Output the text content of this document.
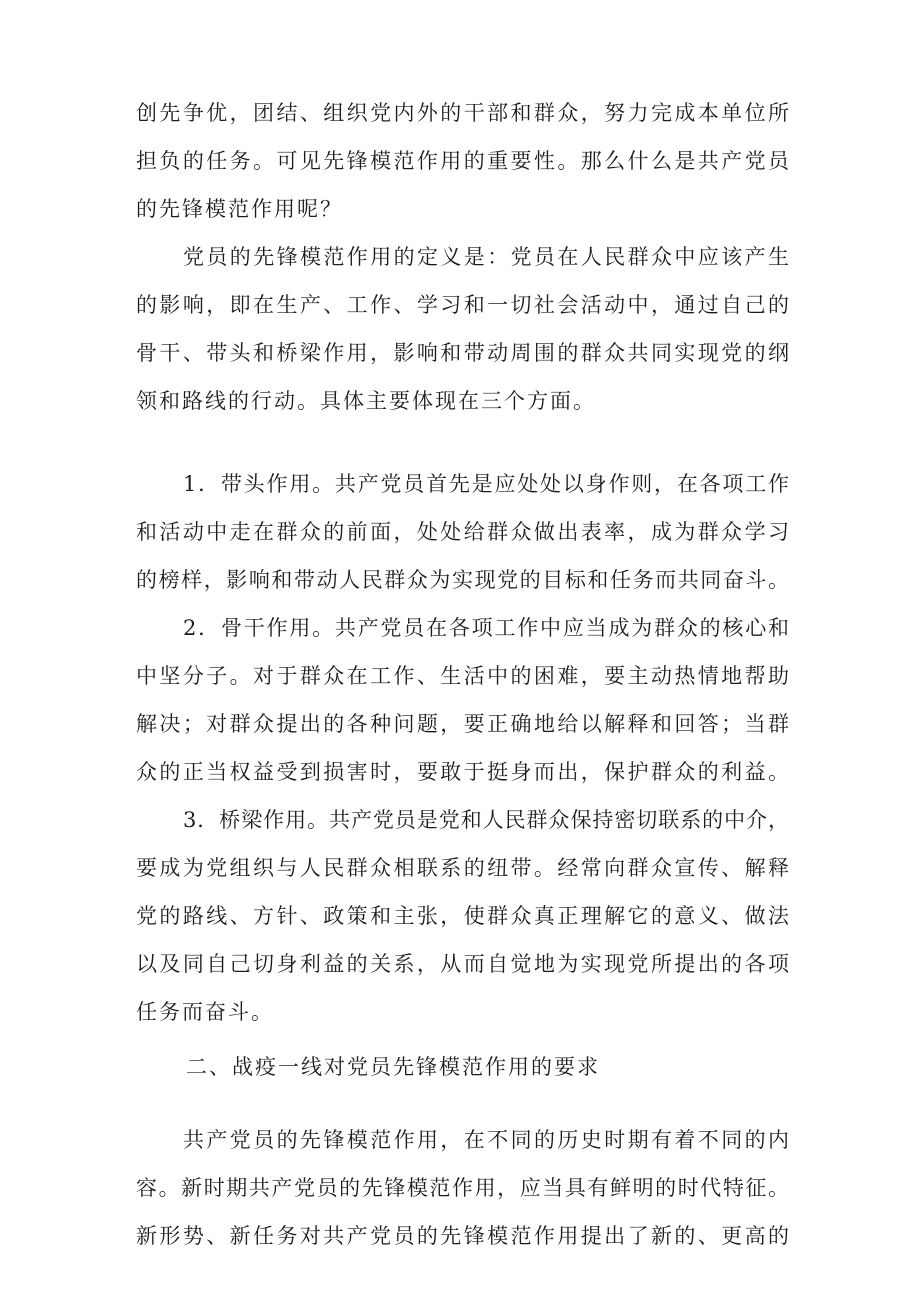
创先争优，团结、组织党内外的干部和群众，努力完成本单位所
担负的任务。可见先锋模范作用的重要性。那么什么是共产党员
的先锋模范作用呢？
党员的先锋模范作用的定义是：党员在人民群众中应该产生
的影响，即在生产、工作、学习和一切社会活动中，通过自己的
骨干、带头和桥梁作用，影响和带动周围的群众共同实现党的纲
领和路线的行动。具体主要体现在三个方面。
1．带头作用。共产党员首先是应处处以身作则，在各项工作
和活动中走在群众的前面，处处给群众做出表率，成为群众学习
的榜样，影响和带动人民群众为实现党的目标和任务而共同奋斗。
2．骨干作用。共产党员在各项工作中应当成为群众的核心和
中坚分子。对于群众在工作、生活中的困难，要主动热情地帮助
解决；对群众提出的各种问题，要正确地给以解释和回答；当群
众的正当权益受到损害时，要敢于挺身而出，保护群众的利益。
3．桥梁作用。共产党员是党和人民群众保持密切联系的中介，
要成为党组织与人民群众相联系的纽带。经常向群众宣传、解释
党的路线、方针、政策和主张，使群众真正理解它的意义、做法
以及同自己切身利益的关系，从而自觉地为实现党所提出的各项
任务而奋斗。
二、战疫一线对党员先锋模范作用的要求
共产党员的先锋模范作用，在不同的历史时期有着不同的内
容。新时期共产党员的先锋模范作用，应当具有鲜明的时代特征。
新形势、新任务对共产党员的先锋模范作用提出了新的、更高的
